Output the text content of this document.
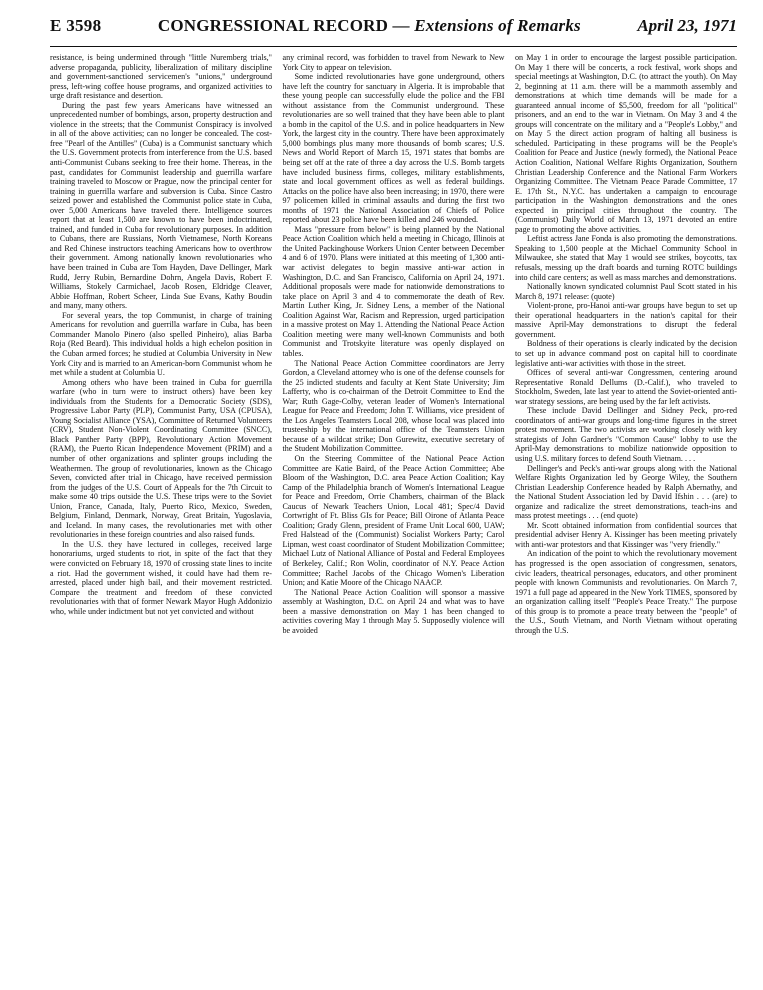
E 3598	CONGRESSIONAL RECORD — Extensions of Remarks	April 23, 1971

resistance, is being undermined through "little Nuremberg trials," adverse propaganda, publicity, liberalization of military discipline and government-sanctioned servicemen's "unions," underground press, left-wing coffee house programs, and organized activities to urge draft resistance and desertion.

During the past few years Americans have witnessed an unprecedented number of bombings, arson, property destruction and violence in the streets; that the Communist Conspiracy is involved in all of the above activities; can no longer be concealed. The cost-free "Pearl of the Antilles" (Cuba) is a Communist sanctuary which the U.S. Government protects from interference from the U.S. based anti-Communist Cubans seeking to free their home. Thereas, in the past, candidates for Communist leadership and guerrilla warfare training traveled to Moscow or Prague, now the principal center for training in guerrilla warfare and subversion is Cuba. Since Castro seized power and established the Communist police state in Cuba, over 5,000 Americans have traveled there. Intelligence sources report that at least 1,500 are known to have been indoctrinated, trained, and funded in Cuba for revolutionary purposes. In addition to Cubans, there are Russians, North Vietnamese, North Koreans and Red Chinese instructors teaching Americans how to overthrow their government. Among nationally known revolutionaries who have been trained in Cuba are Tom Hayden, Dave Dellinger, Mark Rudd, Jerry Rubin, Bernardine Dohrn, Angela Davis, Robert F. Williams, Stokely Carmichael, Jacob Rosen, Eldridge Cleaver, Abbie Hoffman, Robert Scheer, Linda Sue Evans, Kathy Boudin and many, many others.

For several years, the top Communist, in charge of training Americans for revolution and guerrilla warfare in Cuba, has been Commander Manolo Pinero (also spelled Pinheiro), alias Barba Roja (Red Beard). This individual holds a high echelon position in the Cuban armed forces; he studied at Columbia University in New York City and is married to an American-born Communist whom he met while a student at Columbia U.

Among others who have been trained in Cuba for guerrilla warfare (who in turn were to instruct others) have been key individuals from the Students for a Democratic Society (SDS), Progressive Labor Party (PLP), Communist Party, USA (CPUSA), Young Socialist Alliance (YSA), Committee of Returned Volunteers (CRV), Student Non-Violent Coordinating Committee (SNCC), Black Panther Party (BPP), Revolutionary Action Movement (RAM), the Puerto Rican Independence Movement (PRIM) and a number of other organizations and splinter groups including the Weathermen. The group of revolutionaries, known as the Chicago Seven, convicted after trial in Chicago, have received permission from the judges of the U.S. Court of Appeals for the 7th Circuit to make some 40 trips outside the U.S. These trips were to the Soviet Union, France, Canada, Italy, Puerto Rico, Mexico, Sweden, Belgium, Finland, Denmark, Norway, Great Britain, Yugoslavia, and Iceland. In many cases, the revolutionaries met with other revolutionaries in these foreign countries and also raised funds.

In the U.S. they have lectured in colleges, received large honorariums, urged students to riot, in spite of the fact that they were convicted on February 18, 1970 of crossing state lines to incite a riot. Had the government wished, it could have had them re-arrested, placed under high bail, and their movement restricted. Compare the treatment and freedom of these convicted revolutionaries with that of former Newark Mayor Hugh Addonizio who, while under indictment but not yet convicted and without

any criminal record, was forbidden to travel from Newark to New York City to appear on television.

Some indicted revolutionaries have gone underground, others have left the country for sanctuary in Algeria. It is improbable that these young people can successfully elude the police and the FBI without assistance from the Communist underground. These revolutionaries are so well trained that they have been able to plant a bomb in the capitol of the U.S. and in police headquarters in New York, the largest city in the country. There have been approximately 5,000 bombings plus many more thousands of bomb scares; U.S. News and World Report of March 15, 1971 states that bombs are being set off at the rate of three a day across the U.S. Bomb targets have included business firms, colleges, military establishments, state and local government offices as well as federal buildings. Attacks on the police have also been increasing; in 1970, there were 97 policemen killed in criminal assaults and during the first two months of 1971 the National Association of Chiefs of Police reported about 23 police have been killed and 246 wounded.

Mass "pressure from below" is being planned by the National Peace Action Coalition which held a meeting in Chicago, Illinois at the United Packinghouse Workers Union Center between December 4 and 6 of 1970. Plans were initiated at this meeting of 1,300 anti-war activist delegates to begin massive anti-war action in Washington, D.C. and San Francisco, California on April 24, 1971. Additional proposals were made for nationwide demonstrations to take place on April 3 and 4 to commemorate the death of Rev. Martin Luther King, Jr. Sidney Lens, a member of the National Coalition Against War, Racism and Repression, urged participation in a massive protest on May 1. Attending the National Peace Action Coalition meeting were many well-known Communists and both Communist and Trotskyite literature was openly displayed on tables.

The National Peace Action Committee coordinators are Jerry Gordon, a Cleveland attorney who is one of the defense counsels for the 25 indicted students and faculty at Kent State University; Jim Lafferty, who is co-chairman of the Detroit Committee to End the War; Ruth Gage-Colby, veteran leader of Women's International League for Peace and Freedom; John T. Williams, vice president of the Los Angeles Teamsters Local 208, whose local was placed into trusteeship by the international office of the Teamsters Union because of a wildcat strike; Don Gurewitz, executive secretary of the Student Mobilization Committee.

On the Steering Committee of the National Peace Action Committee are Katie Baird, of the Peace Action Committee; Abe Bloom of the Washington, D.C. area Peace Action Coalition; Kay Camp of the Philadelphia branch of Women's International League for Peace and Freedom, Orrie Chambers, chairman of the Black Caucus of Newark Teachers Union, Local 481; Spec/4 David Cortwright of Ft. Bliss GIs for Peace; Bill Oirone of Atlanta Peace Coalition; Grady Glenn, president of Frame Unit Local 600, UAW; Fred Halstead of the (Communist) Socialist Workers Party; Carol Lipman, west coast coordinator of Student Mobilization Committee; Michael Lutz of National Alliance of Postal and Federal Employees of Berkeley, Calif.; Ron Wolin, coordinator of N.Y. Peace Action Committee; Rachel Jacobs of the Chicago Women's Liberation Union; and Katie Moore of the Chicago NAACP.

The National Peace Action Coalition will sponsor a massive assembly at Washington, D.C. on April 24 and what was to have been a massive demonstration on May 1 has been changed to activities covering May 1 through May 5. Supposedly violence will be avoided

on May 1 in order to encourage the largest possible participation. On May 1 there will be concerts, a rock festival, work shops and special meetings at Washington, D.C. (to attract the youth). On May 2, beginning at 11 a.m. there will be a mammoth assembly and demonstrations at which time demands will be made for a guaranteed annual income of $5,500, freedom for all "political" prisoners, and an end to the war in Vietnam. On May 3 and 4 the groups will concentrate on the military and a "People's Lobby," and on May 5 the direct action program of halting all business is scheduled. Participating in these programs will be the People's Coalition for Peace and Justice (newly formed), the National Peace Action Coalition, National Welfare Rights Organization, Southern Christian Leadership Conference and the National Farm Workers Organizing Committee. The Vietnam Peace Parade Committee, 17 E. 17th St., N.Y.C. has undertaken a campaign to encourage participation in the Washington demonstrations and the ones expected in principal cities throughout the country. The (Communist) Daily World of March 13, 1971 devoted an entire page to promoting the above activities.

Leftist actress Jane Fonda is also promoting the demonstrations. Speaking to 1,500 people at the Michael Community School in Milwaukee, she stated that May 1 would see strikes, boycotts, tax refusals, messing up the draft boards and turning ROTC buildings into child care centers; as well as mass marches and demonstrations.

Nationally known syndicated columnist Paul Scott stated in his March 8, 1971 release: (quote)

Violent-prone, pro-Hanoi anti-war groups have begun to set up their operational headquarters in the nation's capital for their massive April-May demonstrations to disrupt the federal government.

Boldness of their operations is clearly indicated by the decision to set up in advance command post on capital hill to coordinate legislative anti-war activities with those in the street.

Offices of several anti-war Congressmen, centering around Representative Ronald Dellums (D.-Calif.), who traveled to Stockholm, Sweden, late last year to attend the Soviet-oriented anti-war strategy sessions, are being used by the far left activists.

These include David Dellinger and Sidney Peck, pro-red coordinators of anti-war groups and long-time figures in the street protest movement. The two activists are working closely with key strategists of John Gardner's "Common Cause" lobby to use the April-May demonstrations to mobilize nationwide opposition to using U.S. military forces to defend South Vietnam. . . .

Dellinger's and Peck's anti-war groups along with the National Welfare Rights Organization led by George Wiley, the Southern Christian Leadership Conference headed by Ralph Abernathy, and the National Student Association led by David Ifshin . . . (are) to organize and radicalize the street demonstrations, teach-ins and mass protest meetings . . . (end quote)

Mr. Scott obtained information from confidential sources that presidential adviser Henry A. Kissinger has been meeting privately with anti-war protestors and that Kissinger was "very friendly."

An indication of the point to which the revolutionary movement has progressed is the open association of congressmen, senators, civic leaders, theatrical personages, educators, and other prominent people with known Communists and revolutionaries. On March 7, 1971 a full page ad appeared in the New York TIMES, sponsored by an organization calling itself "People's Peace Treaty." The purpose of this group is to promote a peace treaty between the "people" of the U.S., South Vietnam, and North Vietnam without operating through the U.S.
